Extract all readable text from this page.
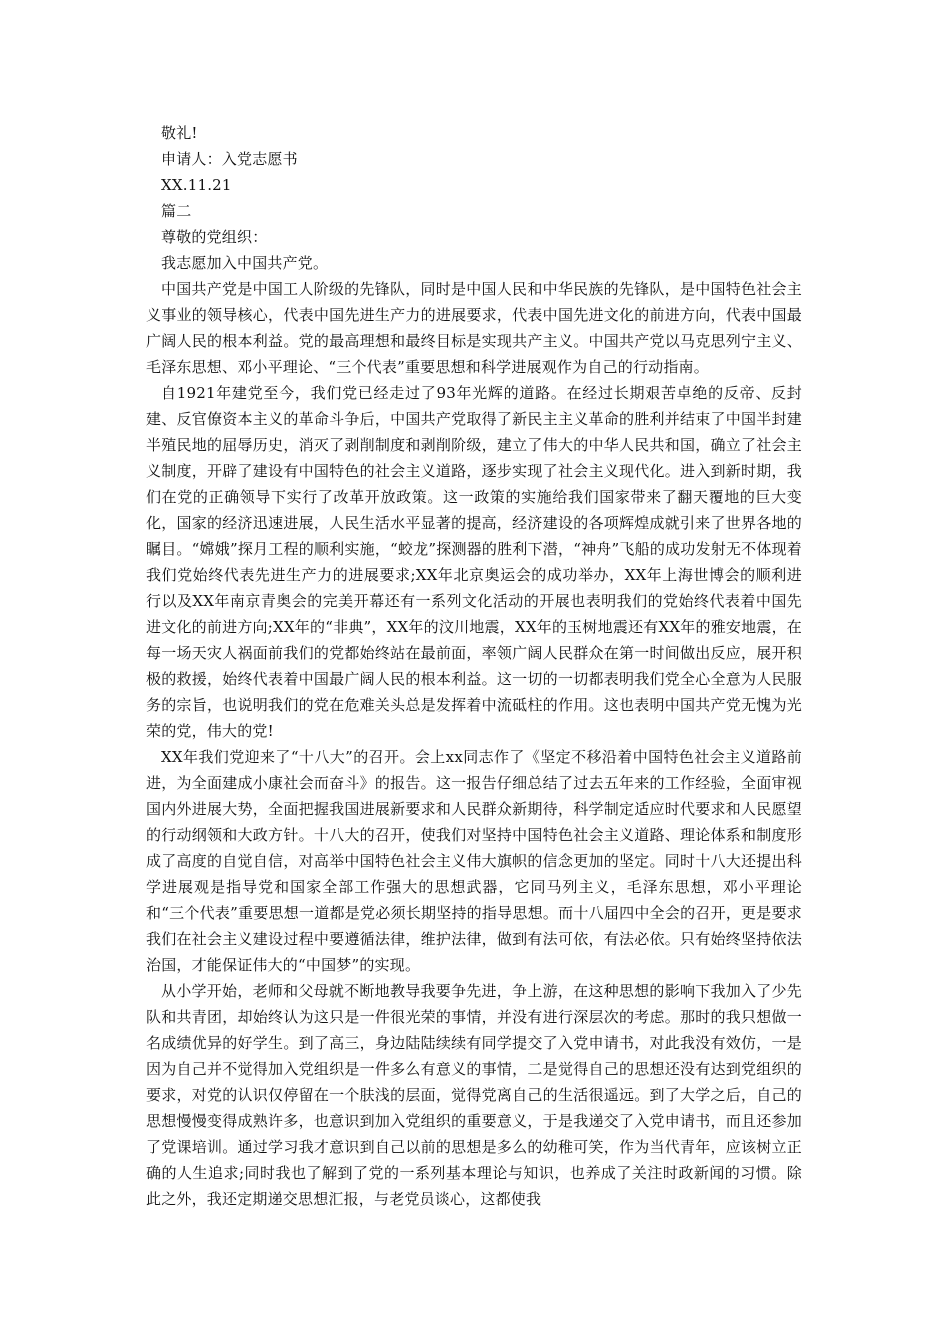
敬礼!

申请人：入党志愿书

XX.11.21

篇二

尊敬的党组织：

我志愿加入中国共产党。

中国共产党是中国工人阶级的先锋队，同时是中国人民和中华民族的先锋队，是中国特色社会主义事业的领导核心，代表中国先进生产力的进展要求，代表中国先进文化的前进方向，代表中国最广阔人民的根本利益。党的最高理想和最终目标是实现共产主义。中国共产党以马克思列宁主义、毛泽东思想、邓小平理论、“三个代表”重要思想和科学进展观作为自己的行动指南。

自1921年建党至今，我们党已经走过了93年光辉的道路。在经过长期艰苦卓绝的反帝、反封建、反官僚资本主义的革命斗争后，中国共产党取得了新民主主义革命的胜利并结束了中国半封建半殖民地的屈辱历史，消灭了剥削制度和剥削阶级，建立了伟大的中华人民共和国，确立了社会主义制度，开辟了建设有中国特色的社会主义道路，逐步实现了社会主义现代化。进入到新时期，我们在党的正确领导下实行了改革开放政策。这一政策的实施给我们国家带来了翻天覆地的巨大变化，国家的经济迅速进展，人民生活水平显著的提高，经济建设的各项辉煌成就引来了世界各地的瞩目。“嫦娥”探月工程的顺利实施，“蛟龙”探测器的胜利下潜，“神舟”飞船的成功发射无不体现着我们党始终代表先进生产力的进展要求;XX年北京奥运会的成功举办，XX年上海世博会的顺利进行以及XX年南京青奥会的完美开幕还有一系列文化活动的开展也表明我们的党始终代表着中国先进文化的前进方向;XX年的“非典”，XX年的汶川地震，XX年的玉树地震还有XX年的雅安地震，在每一场天灾人祸面前我们的党都始终站在最前面，率领广阔人民群众在第一时间做出反应，展开积极的救援，始终代表着中国最广阔人民的根本利益。这一切的一切都表明我们党全心全意为人民服务的宗旨，也说明我们的党在危难关头总是发挥着中流砥柱的作用。这也表明中国共产党无愧为光荣的党，伟大的党!

XX年我们党迎来了“十八大”的召开。会上xx同志作了《坚定不移沿着中国特色社会主义道路前进，为全面建成小康社会而奋斗》的报告。这一报告仔细总结了过去五年来的工作经验，全面审视国内外进展大势，全面把握我国进展新要求和人民群众新期待，科学制定适应时代要求和人民愿望的行动纲领和大政方针。十八大的召开，使我们对坚持中国特色社会主义道路、理论体系和制度形成了高度的自觉自信，对高举中国特色社会主义伟大旗帜的信念更加的坚定。同时十八大还提出科学进展观是指导党和国家全部工作强大的思想武器，它同马列主义，毛泽东思想，邓小平理论和“三个代表”重要思想一道都是党必须长期坚持的指导思想。而十八届四中全会的召开，更是要求我们在社会主义建设过程中要遵循法律，维护法律，做到有法可依，有法必依。只有始终坚持依法治国，才能保证伟大的“中国梦”的实现。

从小学开始，老师和父母就不断地教导我要争先进，争上游，在这种思想的影响下我加入了少先队和共青团，却始终认为这只是一件很光荣的事情，并没有进行深层次的考虑。那时的我只想做一名成绩优异的好学生。到了高三，身边陆陆续续有同学提交了入党申请书，对此我没有效仿，一是因为自己并不觉得加入党组织是一件多么有意义的事情，二是觉得自己的思想还没有达到党组织的要求，对党的认识仅停留在一个肤浅的层面，觉得党离自己的生活很遥远。到了大学之后，自己的思想慢慢变得成熟许多，也意识到加入党组织的重要意义，于是我递交了入党申请书，而且还参加了党课培训。通过学习我才意识到自己以前的思想是多么的幼稚可笑，作为当代青年，应该树立正确的人生追求;同时我也了解到了党的一系列基本理论与知识，也养成了关注时政新闻的习惯。除此之外，我还定期递交思想汇报，与老党员谈心，这都使我
